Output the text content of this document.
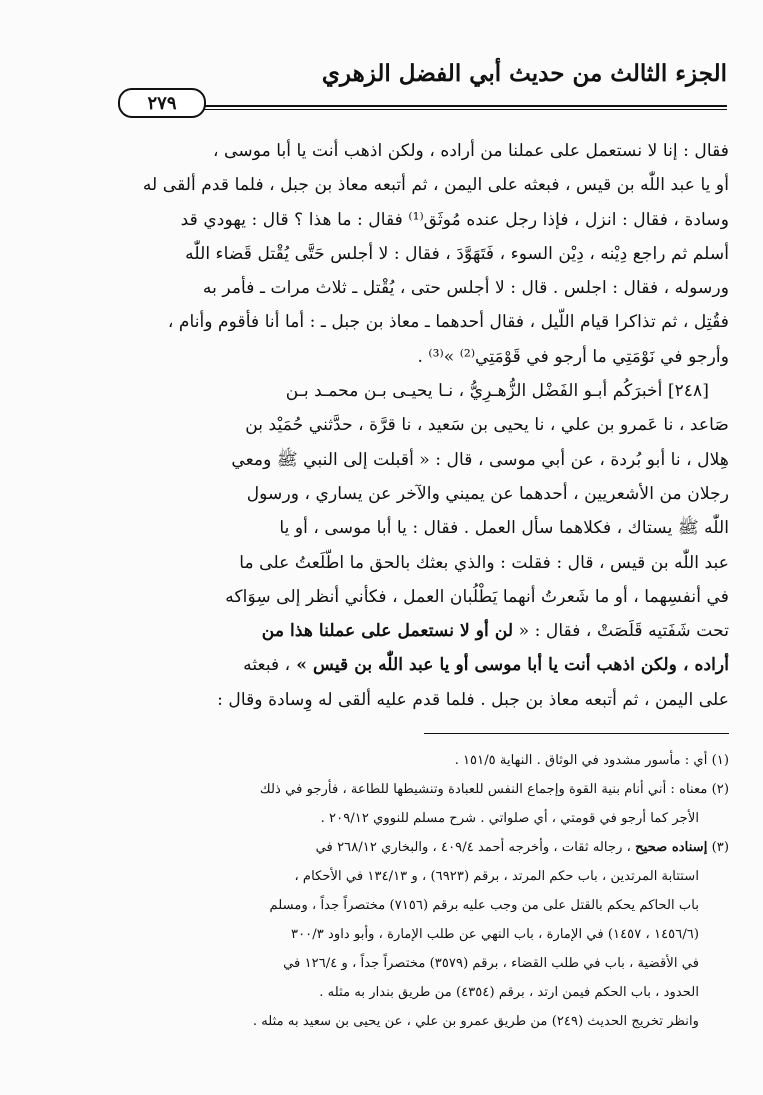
الجزء الثالث من حديث أبي الفضل الزهري
٢٧٩

فقال : إنا لا نستعمل على عملنا من أراده ، ولكن اذهب أنت يا أبا موسى ،

أو يا عبد اللّٰه بن قيس ، فبعثه على اليمن ، ثم أتبعه معاذ بن جبل ، فلما قدم ألقى له

وسادة ، فقال : انزل ، فإذا رجل عنده مُوثَق⁽¹⁾ فقال : ما هذا ؟ قال : يهودي قد

أسلم ثم راجع دِيْنه ، دِيْن السوء ، فَتَهَوَّدَ ، فقال : لا أجلس حَتَّى يُقْتل قَضاء اللّٰه

ورسوله ، فقال : اجلس . قال : لا أجلس حتى ، يُقْتل ـ ثلاث مرات ـ فأمر به

فقُتِل ، ثم تذاكرا قيام اللّيل ، فقال أحدهما ـ معاذ بن جبل ـ : أما أنا فأقوم وأنام ،

وأرجو في نَوْمَتِي ما أرجو في قَوْمَتِي⁽²⁾ »⁽³⁾ .

[٢٤٨] أخبرَكُم أبـو الفَضْل الزُّهـرِيُّ ، نـا يحيـى بـن محمـد بـن

صَاعد ، نا عَمرو بن علي ، نا يحيى بن سَعيد ، نا قرَّة ، حدَّثني حُمَيْد بن

هِلال ، نا أبو بُردة ، عن أبي موسى ، قال : « أقبلت إلى النبي ﷺ ومعي

رجلان من الأشعريين ، أحدهما عن يميني والآخر عن يساري ، ورسول

اللّٰه ﷺ يستاك ، فكلاهما سأل العمل . فقال : يا أبا موسى ، أو يا

عبد اللّٰه بن قيس ، قال : فقلت : والذي بعثك بالحق ما اطّلَعتُ على ما

في أنفسِهما ، أو ما شَعرتُ أنهما يَطْلُبان العمل ، فكأني أنظر إلى سِوَاكه

تحت شَفَتيه قَلَصَتْ ، فقال : « لن أو لا نستعمل على عملنا هذا من

أراده ، ولكن اذهب أنت يا أبا موسى أو يا عبد اللّٰه بن قيس » ، فبعثه

على اليمن ، ثم أتبعه معاذ بن جبل . فلما قدم عليه ألقى له وِسادة وقال :

(١) أي : مأسور مشدود في الوثاق . النهاية ١٥١/٥ .

(٢) معناه : أني أنام بنية القوة وإجماع النفس للعبادة وتنشيطها للطاعة ، فأرجو في ذلك

الأجر كما أرجو في قومتي ، أي صلواتي . شرح مسلم للنووي ٢٠٩/١٢ .

(٣) إسناده صحيح ، رجاله ثقات ، وأخرجه أحمد ٤٠٩/٤ ، والبخاري ٢٦٨/١٢ في

استتابة المرتدين ، باب حكم المرتد ، برقم (٦٩٢٣) ، و ١٣٤/١٣ في الأحكام ،

باب الحاكم يحكم بالقتل على من وجب عليه برقم (٧١٥٦) مختصراً جداً ، ومسلم

(١٤٥٦/٦ ، ١٤٥٧) في الإمارة ، باب النهي عن طلب الإمارة ، وأبو داود ٣٠٠/٣

في الأقضية ، باب في طلب القضاء ، برقم (٣٥٧٩) مختصراً جداً ، و ١٢٦/٤ في

الحدود ، باب الحكم فيمن ارتد ، برقم (٤٣٥٤) من طريق بندار به مثله .

وانظر تخريج الحديث (٢٤٩) من طريق عمرو بن علي ، عن يحيى بن سعيد به مثله .
